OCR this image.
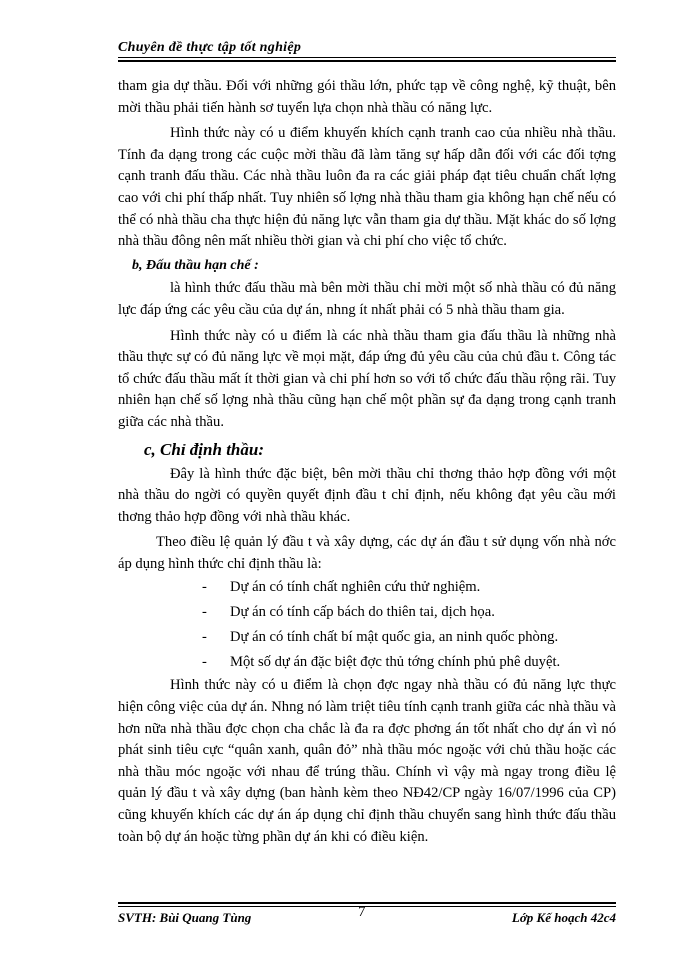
Chuyên đề thực tập tốt nghiệp

tham gia dự thầu. Đối với những gói thầu lớn, phức tạp về công nghệ, kỹ thuật, bên mời thầu phải tiến hành sơ tuyển lựa chọn nhà thầu có năng lực.

Hình thức này có u điểm khuyến khích cạnh tranh cao của nhiều nhà thầu. Tính đa dạng trong các cuộc mời thầu đã làm tăng sự hấp dẫn đối với các đối tợng cạnh tranh đấu thầu. Các nhà thầu luôn đa ra các giải pháp đạt tiêu chuẩn chất lợng cao với chi phí thấp nhất. Tuy nhiên số lợng nhà thầu tham gia không hạn chế nếu có thể có nhà thầu cha thực hiện đủ năng lực vẫn tham gia dự thầu. Mặt khác do số lợng nhà thầu đông nên mất nhiều thời gian và chi phí cho việc tổ chức.

b, Đấu thầu hạn chế :

là hình thức đấu thầu mà bên mời thầu chỉ mời một số nhà thầu có đủ năng lực đáp ứng các yêu cầu của dự án, nhng ít nhất phải có 5 nhà thầu tham gia.

Hình thức này có u điểm là các nhà thầu tham gia đấu thầu là những nhà thầu thực sự có đủ năng lực về mọi mặt, đáp ứng đủ yêu cầu của chủ đầu t. Công tác tổ chức đấu thầu mất ít thời gian và chi phí hơn so với tổ chức đấu thầu rộng rãi. Tuy nhiên hạn chế số lợng nhà thầu cũng hạn chế một phần sự đa dạng trong cạnh tranh giữa các nhà thầu.

c, Chỉ định thầu:

Đây là hình thức đặc biệt, bên mời thầu chỉ thơng thảo hợp đồng với một nhà thầu do ngời có quyền quyết định đầu t chỉ định, nếu không đạt yêu cầu mới thơng thảo hợp đồng với nhà thầu khác.

Theo điều lệ quản lý đầu t và xây dựng, các dự án đầu t sử dụng vốn nhà nớc áp dụng hình thức chỉ định thầu là:

- Dự án có tính chất nghiên cứu thử nghiệm.
- Dự án có tính cấp bách do thiên tai, dịch họa.
- Dự án có tính chất bí mật quốc gia, an ninh quốc phòng.
- Một số dự án đặc biệt đợc thủ tớng chính phủ phê duyệt.

Hình thức này có u điểm là chọn đợc ngay nhà thầu có đủ năng lực thực hiện công việc của dự án. Nhng nó làm triệt tiêu tính cạnh tranh giữa các nhà thầu và hơn nữa nhà thầu đợc chọn cha chắc là đa ra đợc phơng án tốt nhất cho dự án vì nó phát sinh tiêu cực “quân xanh, quân đỏ” nhà thầu móc ngoặc với chủ thầu hoặc các nhà thầu móc ngoặc với nhau để trúng thầu. Chính vì vậy mà ngay trong điều lệ quản lý đầu t và xây dựng (ban hành kèm theo NĐ42/CP ngày 16/07/1996 của CP) cũng khuyến khích các dự án áp dụng chỉ định thầu chuyển sang hình thức đấu thầu toàn bộ dự án hoặc từng phần dự án khi có điều kiện.

SVTH: Bùi Quang Tùng	7	Lớp Kế hoạch 42c4
